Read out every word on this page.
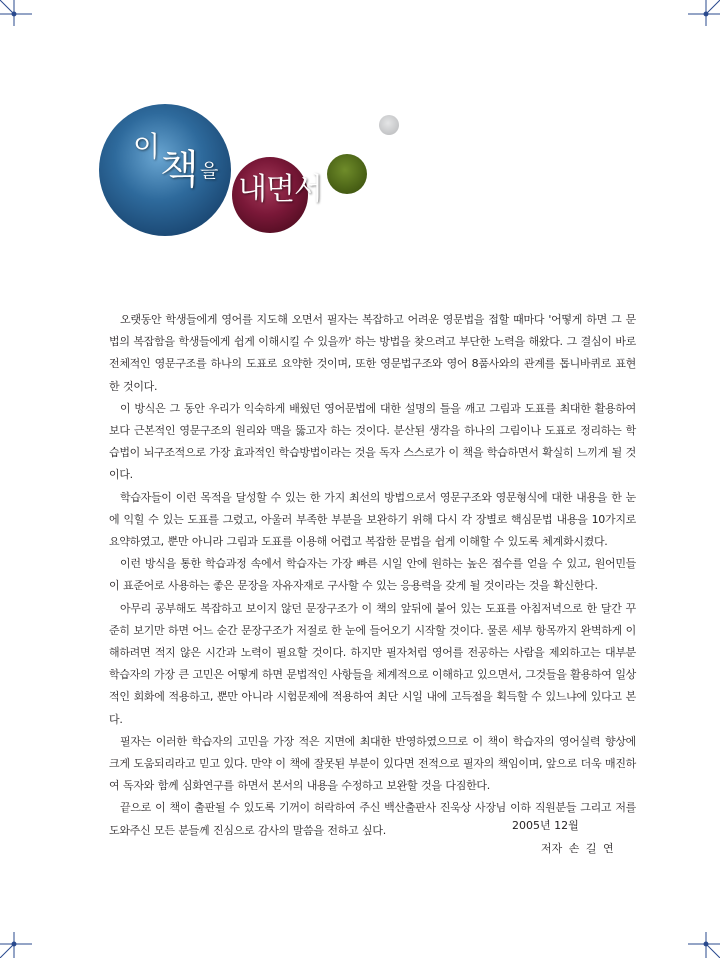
이
책 을
내면서

오랫동안 학생들에게 영어를 지도해 오면서 필자는 복잡하고 어려운 영문법을 접할 때마다 '어떻게 하면 그 문법의 복잡함을 학생들에게 쉽게 이해시킬 수 있을까' 하는 방법을 찾으려고 부단한 노력을 해왔다. 그 결심이 바로 전체적인 영문구조를 하나의 도표로 요약한 것이며, 또한 영문법구조와 영어 8품사와의 관계를 톱니바퀴로 표현한 것이다.

이 방식은 그 동안 우리가 익숙하게 배웠던 영어문법에 대한 설명의 틀을 깨고 그림과 도표를 최대한 활용하여 보다 근본적인 영문구조의 원리와 맥을 뚫고자 하는 것이다. 분산된 생각을 하나의 그림이나 도표로 정리하는 학습법이 뇌구조적으로 가장 효과적인 학습방법이라는 것을 독자 스스로가 이 책을 학습하면서 확실히 느끼게 될 것이다.

학습자들이 이런 목적을 달성할 수 있는 한 가지 최선의 방법으로서 영문구조와 영문형식에 대한 내용을 한 눈에 익힐 수 있는 도표를 그렸고, 아울러 부족한 부분을 보완하기 위해 다시 각 장별로 핵심문법 내용을 10가지로 요약하였고, 뿐만 아니라 그림과 도표를 이용해 어렵고 복잡한 문법을 쉽게 이해할 수 있도록 체계화시켰다.

이런 방식을 통한 학습과정 속에서 학습자는 가장 빠른 시일 안에 원하는 높은 점수를 얻을 수 있고, 원어민들이 표준어로 사용하는 좋은 문장을 자유자재로 구사할 수 있는 응용력을 갖게 될 것이라는 것을 확신한다.

아무리 공부해도 복잡하고 보이지 않던 문장구조가 이 책의 앞뒤에 붙어 있는 도표를 아침저녁으로 한 달간 꾸준히 보기만 하면 어느 순간 문장구조가 저절로 한 눈에 들어오기 시작할 것이다. 물론 세부 항목까지 완벽하게 이해하려면 적지 않은 시간과 노력이 필요할 것이다. 하지만 필자처럼 영어를 전공하는 사람을 제외하고는 대부분 학습자의 가장 큰 고민은 어떻게 하면 문법적인 사항들을 체계적으로 이해하고 있으면서, 그것들을 활용하여 일상적인 회화에 적용하고, 뿐만 아니라 시험문제에 적용하여 최단 시일 내에 고득점을 획득할 수 있느냐에 있다고 본다.

필자는 이러한 학습자의 고민을 가장 적은 지면에 최대한 반영하였으므로 이 책이 학습자의 영어실력 향상에 크게 도움되리라고 믿고 있다. 만약 이 책에 잘못된 부분이 있다면 전적으로 필자의 책임이며, 앞으로 더욱 매진하여 독자와 함께 심화연구를 하면서 본서의 내용을 수정하고 보완할 것을 다짐한다.

끝으로 이 책이 출판될 수 있도록 기꺼이 허락하여 주신 백산출판사 진욱상 사장님 이하 직원분들 그리고 저를 도와주신 모든 분들께 진심으로 감사의 말씀을 전하고 싶다.	2005년 12월
저자 손 길 연
